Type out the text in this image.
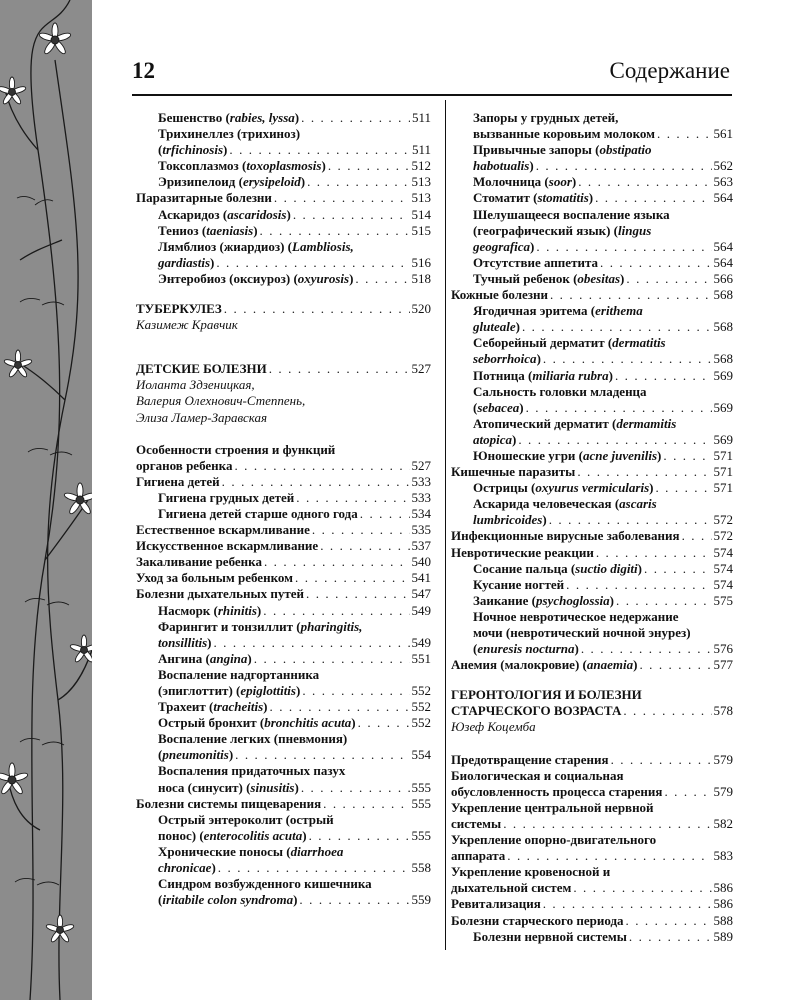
12	Содержание
Бешенство (rabies, lyssa) . . .	511
Трихинеллез (трихиноз)
(trfichinosis) . . .	511
Токсоплазмоз (toxoplasmosis) . . .	512
Эризипелоид (erysipeloid) . . .	513
Паразитарные болезни . . .	513
Аскаридоз (ascaridosis) . . .	514
Тениоз (taeniasis) . . .	515
Лямблиоз (жиардиоз) (Lambliosis,
gardiastis) . . .	516
Энтеробиоз (оксиуроз) (oxyurosis) . . .	518
ТУБЕРКУЛЕЗ . . .	520
Казимеж Кравчик
ДЕТСКИЕ БОЛЕЗНИ . . .	527
Иоланта Здзеницкая,
Валерия Олехнович-Степпень,
Элиза Ламер-Заравская
Особенности строения и функций
органов ребенка . . .	527
Гигиена детей . . .	533
Гигиена грудных детей . . .	533
Гигиена детей старше одного года . . .	534
Естественное вскармливание . . .	535
Искусственное вскармливание . . .	537
Закаливание ребенка . . .	540
Уход за больным ребенком . . .	541
Болезни дыхательных путей . . .	547
Насморк (rhinitis) . . .	549
Фарингит и тонзиллит (pharingitis,
tonsillitis) . . .	549
Ангина (angina) . . .	551
Воспаление надгортанника
(эпиглоттит) (epiglottitis) . . .	552
Трахеит (tracheitis) . . .	552
Острый бронхит (bronchitis acuta) . . .	552
Воспаление легких (пневмония)
(pneumonitis) . . .	554
Воспаления придаточных пазух
носа (синусит) (sinusitis) . . .	555
Болезни системы пищеварения . . .	555
Острый энтероколит (острый
понос) (enterocolitis acuta) . . .	555
Хронические поносы (diarrhoea
chronicae) . . .	558
Синдром возбужденного кишечника
(iritabile colon syndroma) . . .	559
Запоры у грудных детей,
вызванные коровьим молоком . . .	561
Привычные запоры (obstipatio
habotualis) . . .	562
Молочница (soor) . . .	563
Стоматит (stomatitis) . . .	564
Шелушащееся воспаление языка
(географический язык) (lingus
geografica) . . .	564
Отсутствие аппетита . . .	564
Тучный ребенок (obesitas) . . .	566
Кожные болезни . . .	568
Ягодичная эритема (erithema
gluteale) . . .	568
Себорейный дерматит (dermatitis
seborrhoica) . . .	568
Потница (miliaria rubra) . . .	569
Сальность головки младенца
(sebacea) . . .	569
Атопический дерматит (dermamitis
atopica) . . .	569
Юношеские угри (acne juvenilis) . . .	571
Кишечные паразиты . . .	571
Острицы (oxyurus vermicularis) . . .	571
Аскарида человеческая (ascaris
lumbricoides) . . .	572
Инфекционные вирусные заболевания . . .	572
Невротические реакции . . .	574
Сосание пальца (suctio digiti) . . .	574
Кусание ногтей . . .	574
Заикание (psychoglossia) . . .	575
Ночное невротическое недержание
мочи (невротический ночной энурез)
(enuresis nocturna) . . .	576
Анемия (малокровие) (anaemia) . . .	577
ГЕРОНТОЛОГИЯ И БОЛЕЗНИ
СТАРЧЕСКОГО ВОЗРАСТА . . .	578
Юзеф Коцемба
Предотвращение старения . . .	579
Биологическая и социальная
обусловленность процесса старения . . .	579
Укрепление центральной нервной
системы . . .	582
Укрепление опорно-двигательного
аппарата . . .	583
Укрепление кровеносной и
дыхательной систем . . .	586
Ревитализация . . .	586
Болезни старческого периода . . .	588
Болезни нервной системы . . .	589
